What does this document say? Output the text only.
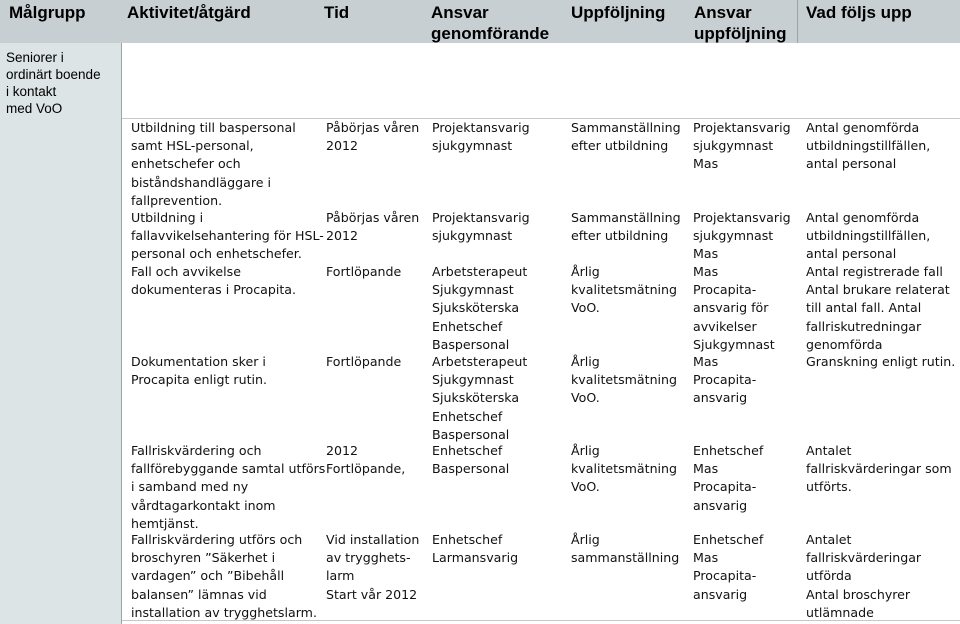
Målgrupp Aktivitet/åtgärd	Tid	Ansvar
genomförande
Uppföljning Ansvar
uppföljning
Vad följs upp
Seniorer i
ordinärt boende
i kontakt
med VoO
Utbildning till baspersonal
samt HSL-personal,
enhetschefer och
biståndshandläggare i
fallprevention.
Påbörjas våren
2012
Projektansvarig
sjukgymnast
Sammanställning
efter utbildning
Projektansvarig
sjukgymnast
Mas
Antal genomförda
utbildningstillfällen,
antal personal
Utbildning i
fallavvikelsehantering för HSL-
personal och enhetschefer.
Påbörjas våren
2012
Projektansvarig
sjukgymnast
Sammanställning
efter utbildning
Projektansvarig
sjukgymnast
Mas
Antal genomförda
utbildningstillfällen,
antal personal
Fall och avvikelse
dokumenteras i Procapita.
Fortlöpande Arbetsterapeut
Sjukgymnast
Sjuksköterska
Enhetschef
Baspersonal
Årlig
kvalitetsmätning
VoO.
Mas
Procapita-
ansvarig för
avvikelser
Sjukgymnast
Antal registrerade fall
Antal brukare relaterat
till antal fall. Antal
fallriskutredningar
genomförda
Dokumentation sker i
Procapita enligt rutin.
Fortlöpande Arbetsterapeut
Sjukgymnast
Sjuksköterska
Enhetschef
Baspersonal
Årlig
kvalitetsmätning
VoO.
Mas
Procapita-
ansvarig
Granskning enligt rutin.
Fallriskvärdering och
fallförebyggande samtal utförs
i samband med ny
vårdtagarkontakt inom
hemtjänst.
2012
Fortlöpande,
Enhetschef
Baspersonal
Årlig
kvalitetsmätning
VoO.
Enhetschef
Mas
Procapita-
ansvarig
Antalet
fallriskvärderingar som
utförts.
Fallriskvärdering utförs och
broschyren ”Säkerhet i
vardagen” och ”Bibehåll
balansen” lämnas vid
installation av trygghetslarm.
Vid installation
av trygghets-
larm
Start vår 2012
Enhetschef
Larmansvarig
Årlig
sammanställning
Enhetschef
Mas
Procapita-
ansvarig
Antalet
fallriskvärderingar
utförda
Antal broschyrer
utlämnade
